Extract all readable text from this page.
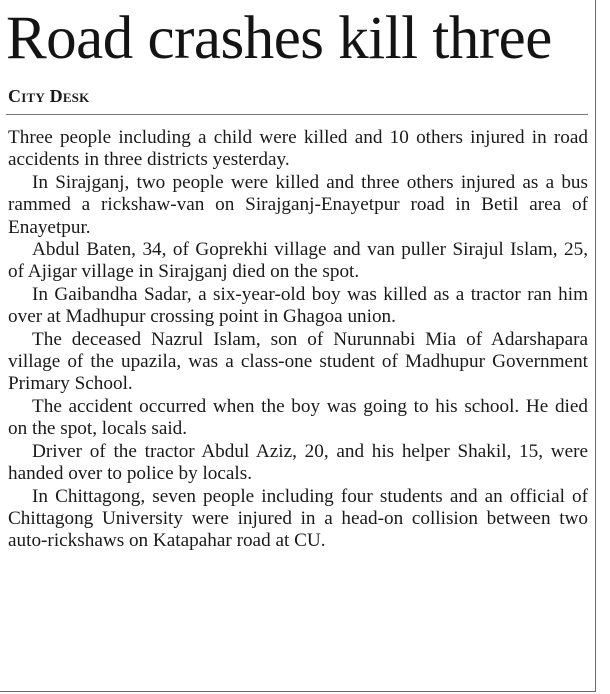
Road crashes kill three
City Desk

Three people including a child were killed and 10 others injured in road accidents in three districts yesterday.

In Sirajganj, two people were killed and three others injured as a bus rammed a rickshaw-van on Sirajganj-Enayetpur road in Betil area of Enayetpur.

Abdul Baten, 34, of Goprekhi village and van puller Sirajul Islam, 25, of Ajigar village in Sirajganj died on the spot.

In Gaibandha Sadar, a six-year-old boy was killed as a tractor ran him over at Madhupur crossing point in Ghagoa union.

The deceased Nazrul Islam, son of Nurunnabi Mia of Adarshapara village of the upazila, was a class-one student of Madhupur Government Primary School.

The accident occurred when the boy was going to his school. He died on the spot, locals said.

Driver of the tractor Abdul Aziz, 20, and his helper Shakil, 15, were handed over to police by locals.

In Chittagong, seven people including four students and an official of Chittagong University were injured in a head-on collision between two auto-rickshaws on Katapahar road at CU.
